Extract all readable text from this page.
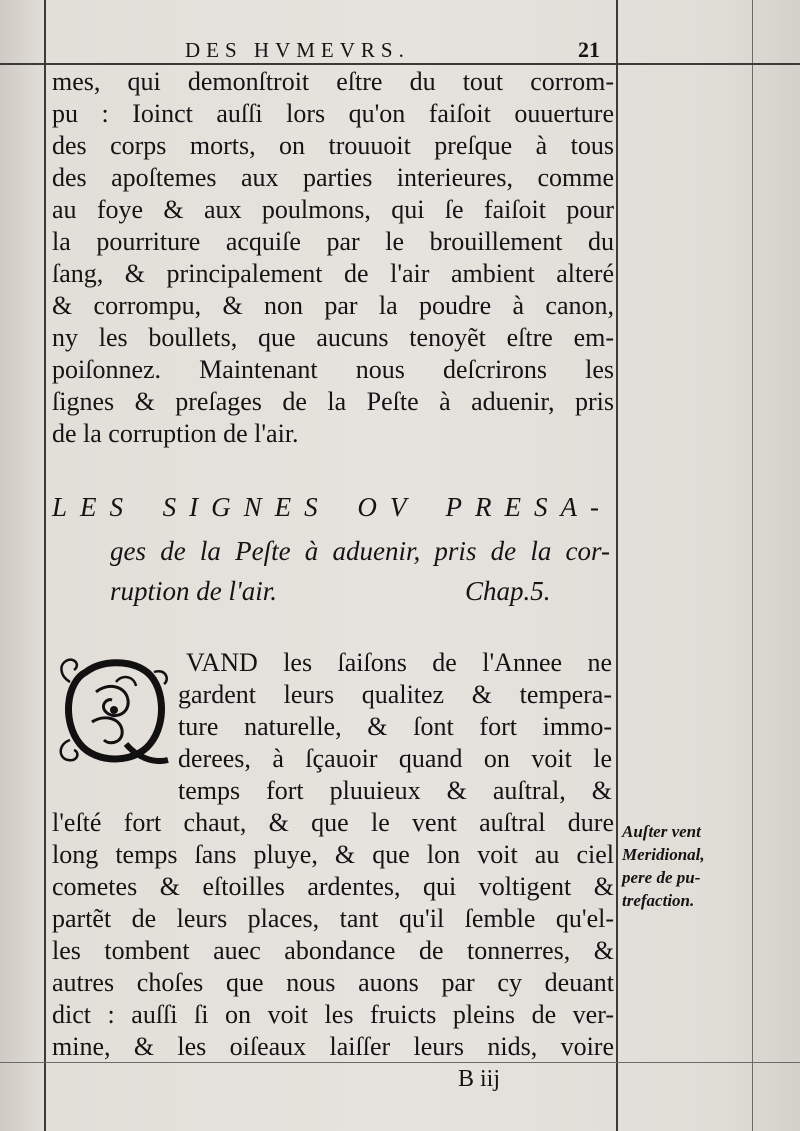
DES HVMEVRS.	21
mes, qui demonſtroit eſtre du tout corrom-
pu : Ioinct auſſi lors qu'on faiſoit ouuerture
des corps morts, on trouuoit preſque à tous
des apoſtemes aux parties interieures, comme
au foye & aux poulmons, qui ſe faiſoit pour
la pourriture acquiſe par le brouillement du
ſang, & principalement de l'air ambient alteré
& corrompu, & non par la poudre à canon,
ny les boullets, que aucuns tenoyẽt eſtre em-
poiſonnez. Maintenant nous deſcrirons les
ſignes & preſages de la Peſte à aduenir, pris
de la corruption de l'air.
LES SIGNES OV PRESA-
ges de la Peſte à aduenir, pris de la cor-
ruption de l'air.	Chap.5.
Q
VAND les ſaiſons de l'Annee ne
gardent leurs qualitez & tempera-
ture naturelle, & ſont fort immo-
derees, à ſçauoir quand on voit le
temps fort pluuieux & auſtral, &
l'eſté fort chaut, & que le vent auſtral dure
long temps ſans pluye, & que lon voit au ciel
cometes & eſtoilles ardentes, qui voltigent &
partẽt de leurs places, tant qu'il ſemble qu'el-
les tombent auec abondance de tonnerres, &
autres choſes que nous auons par cy deuant
dict : auſſi ſi on voit les fruicts pleins de ver-
mine, & les oiſeaux laiſſer leurs nids, voire
Auſter vent
Meridional,
pere de pu-
trefaction.
B iij
